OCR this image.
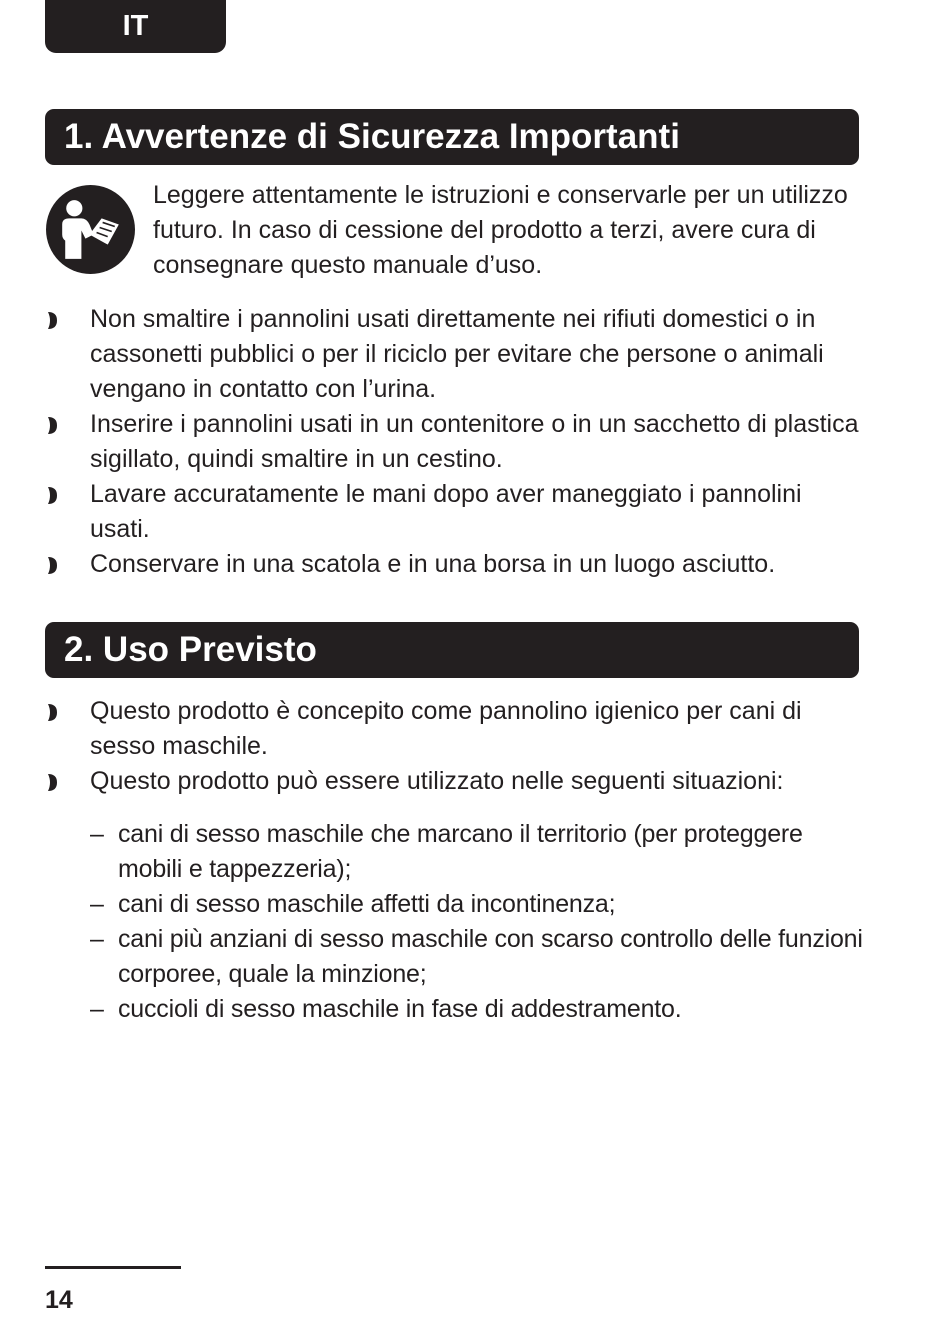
IT
1. Avvertenze di Sicurezza Importanti
Leggere attentamente le istruzioni e conservarle per un utilizzo futuro. In caso di cessione del prodotto a terzi, avere cura di consegnare questo manuale d’uso.
Non smaltire i pannolini usati direttamente nei rifiuti domestici o in cassonetti pubblici o per il riciclo per evitare che persone o animali vengano in contatto con l’urina.
Inserire i pannolini usati in un contenitore o in un sacchetto di plastica sigillato, quindi smaltire in un cestino.
Lavare accuratamente le mani dopo aver maneggiato i pannolini usati.
Conservare in una scatola e in una borsa in un luogo asciutto.
2. Uso Previsto
Questo prodotto è concepito come pannolino igienico per cani di sesso maschile.
Questo prodotto può essere utilizzato nelle seguenti situazioni:
– cani di sesso maschile che marcano il territorio (per proteggere mobili e tappezzeria);
– cani di sesso maschile affetti da incontinenza;
– cani più anziani di sesso maschile con scarso controllo delle funzioni corporee, quale la minzione;
– cuccioli di sesso maschile in fase di addestramento.
14
